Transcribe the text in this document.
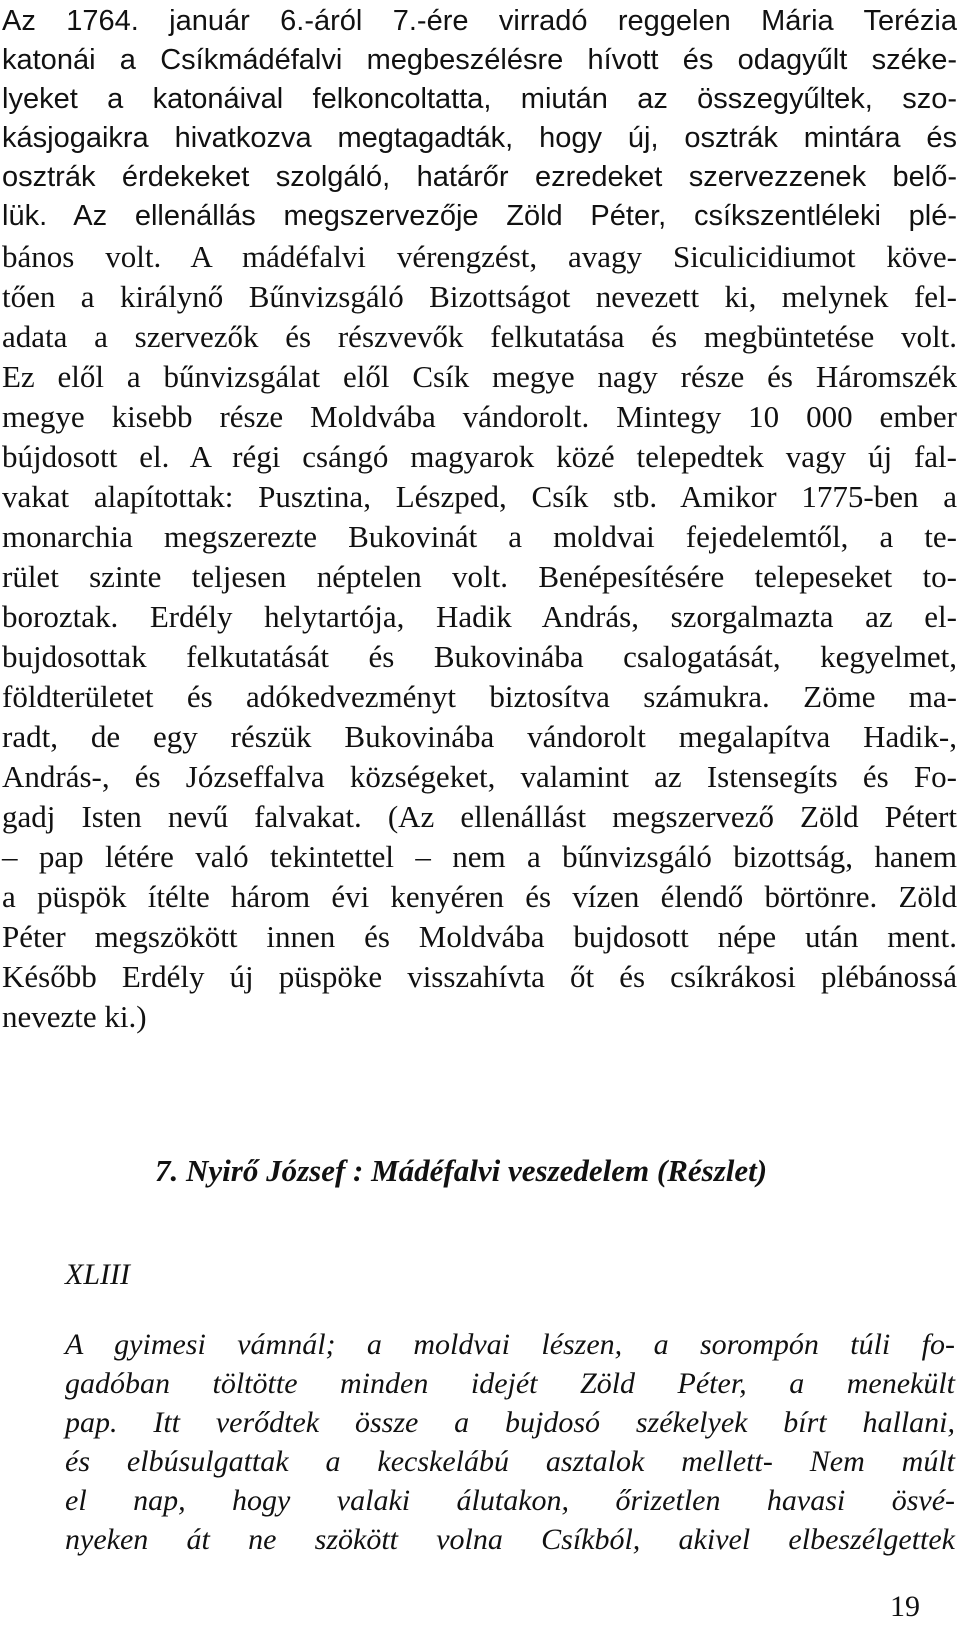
Az 1764. január 6.-áról 7.-ére virradó reggelen Mária Terézia
katonái a Csíkmádéfalvi megbeszélésre hívott és odagyűlt széke-
lyeket a katonáival felkoncoltatta, miután az összegyűltek, szo-
kásjogaikra hivatkozva megtagadták, hogy új, osztrák mintára és
osztrák érdekeket szolgáló, határőr ezredeket szervezzenek belő-
lük. Az ellenállás megszervezője Zöld Péter, csíkszentléleki plé-
bános volt. A mádéfalvi vérengzést, avagy Siculicidiumot köve-
tően a királynő Bűnvizsgáló Bizottságot nevezett ki, melynek fel-
adata a szervezők és részvevők felkutatása és megbüntetése volt.
Ez elől a bűnvizsgálat elől Csík megye nagy része és Háromszék
megye kisebb része Moldvába vándorolt. Mintegy 10 000 ember
bújdosott el. A régi csángó magyarok közé telepedtek vagy új fal-
vakat alapítottak: Pusztina, Lészped, Csík stb. Amikor 1775-ben a
monarchia megszerezte Bukovinát a moldvai fejedelemtől, a te-
rület szinte teljesen néptelen volt. Benépesítésére telepeseket to-
boroztak. Erdély helytartója, Hadik András, szorgalmazta az el-
bujdosottak felkutatását és Bukovinába csalogatását, kegyelmet,
földterületet és adókedvezményt biztosítva számukra. Zöme ma-
radt, de egy részük Bukovinába vándorolt megalapítva Hadik-,
András-, és Józseffalva községeket, valamint az Istensegíts és Fo-
gadj Isten nevű falvakat. (Az ellenállást megszervező Zöld Pétert
– pap létére való tekintettel – nem a bűnvizsgáló bizottság, hanem
a püspök ítélte három évi kenyéren és vízen élendő börtönre. Zöld
Péter megszökött innen és Moldvába bujdosott népe után ment.
Később Erdély új püspöke visszahívta őt és csíkrákosi plébánossá
nevezte ki.)
7. Nyirő József : Mádéfalvi veszedelem (Részlet)
XLIII
A gyimesi vámnál; a moldvai lészen, a sorompón túli fo-
gadóban töltötte minden idejét Zöld Péter, a menekült
pap. Itt verődtek össze a bujdosó székelyek bírt hallani,
és elbúsulgattak a kecskelábú asztalok mellett- Nem múlt
el nap, hogy valaki álutakon, őrizetlen havasi ösvé-
nyeken át ne szökött volna Csíkból, akivel elbeszélgettek
19
